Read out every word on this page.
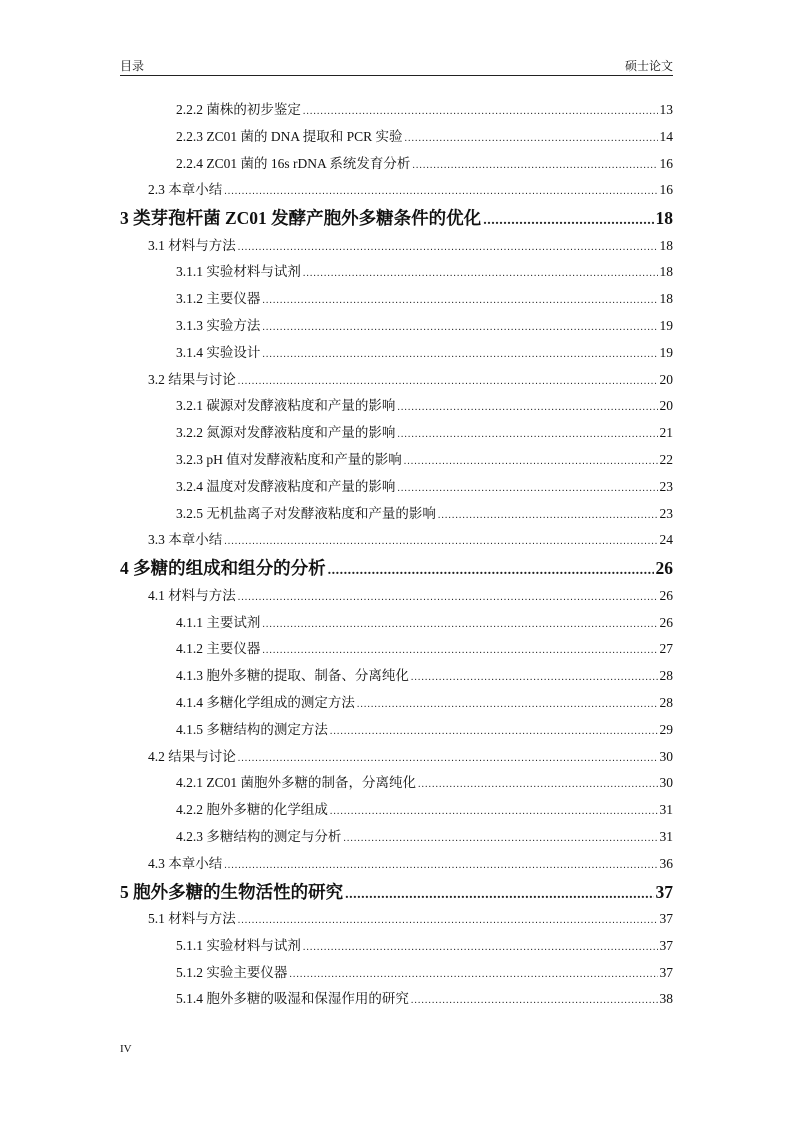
目录	硕士论文
2.2.2 菌株的初步鉴定 .....	13
2.2.3 ZC01 菌的 DNA 提取和 PCR 实验 .....	14
2.2.4 ZC01 菌的 16s rDNA 系统发育分析 .....	16
2.3 本章小结 .....	16
3 类芽孢杆菌 ZC01 发酵产胞外多糖条件的优化 .....	18
3.1 材料与方法 .....	18
3.1.1 实验材料与试剂 .....	18
3.1.2 主要仪器 .....	18
3.1.3 实验方法 .....	19
3.1.4 实验设计 .....	19
3.2 结果与讨论 .....	20
3.2.1 碳源对发酵液粘度和产量的影响 .....	20
3.2.2 氮源对发酵液粘度和产量的影响 .....	21
3.2.3 pH 值对发酵液粘度和产量的影响 .....	22
3.2.4 温度对发酵液粘度和产量的影响 .....	23
3.2.5 无机盐离子对发酵液粘度和产量的影响 .....	23
3.3 本章小结 .....	24
4 多糖的组成和组分的分析 .....	26
4.1 材料与方法 .....	26
4.1.1 主要试剂 .....	26
4.1.2 主要仪器 .....	27
4.1.3 胞外多糖的提取、制备、分离纯化 .....	28
4.1.4 多糖化学组成的测定方法 .....	28
4.1.5 多糖结构的测定方法 .....	29
4.2 结果与讨论 .....	30
4.2.1 ZC01 菌胞外多糖的制备，分离纯化 .....	30
4.2.2 胞外多糖的化学组成 .....	31
4.2.3 多糖结构的测定与分析 .....	31
4.3 本章小结 .....	36
5 胞外多糖的生物活性的研究 .....	37
5.1 材料与方法 .....	37
5.1.1 实验材料与试剂 .....	37
5.1.2 实验主要仪器 .....	37
5.1.4 胞外多糖的吸湿和保湿作用的研究 .....	38
IV
